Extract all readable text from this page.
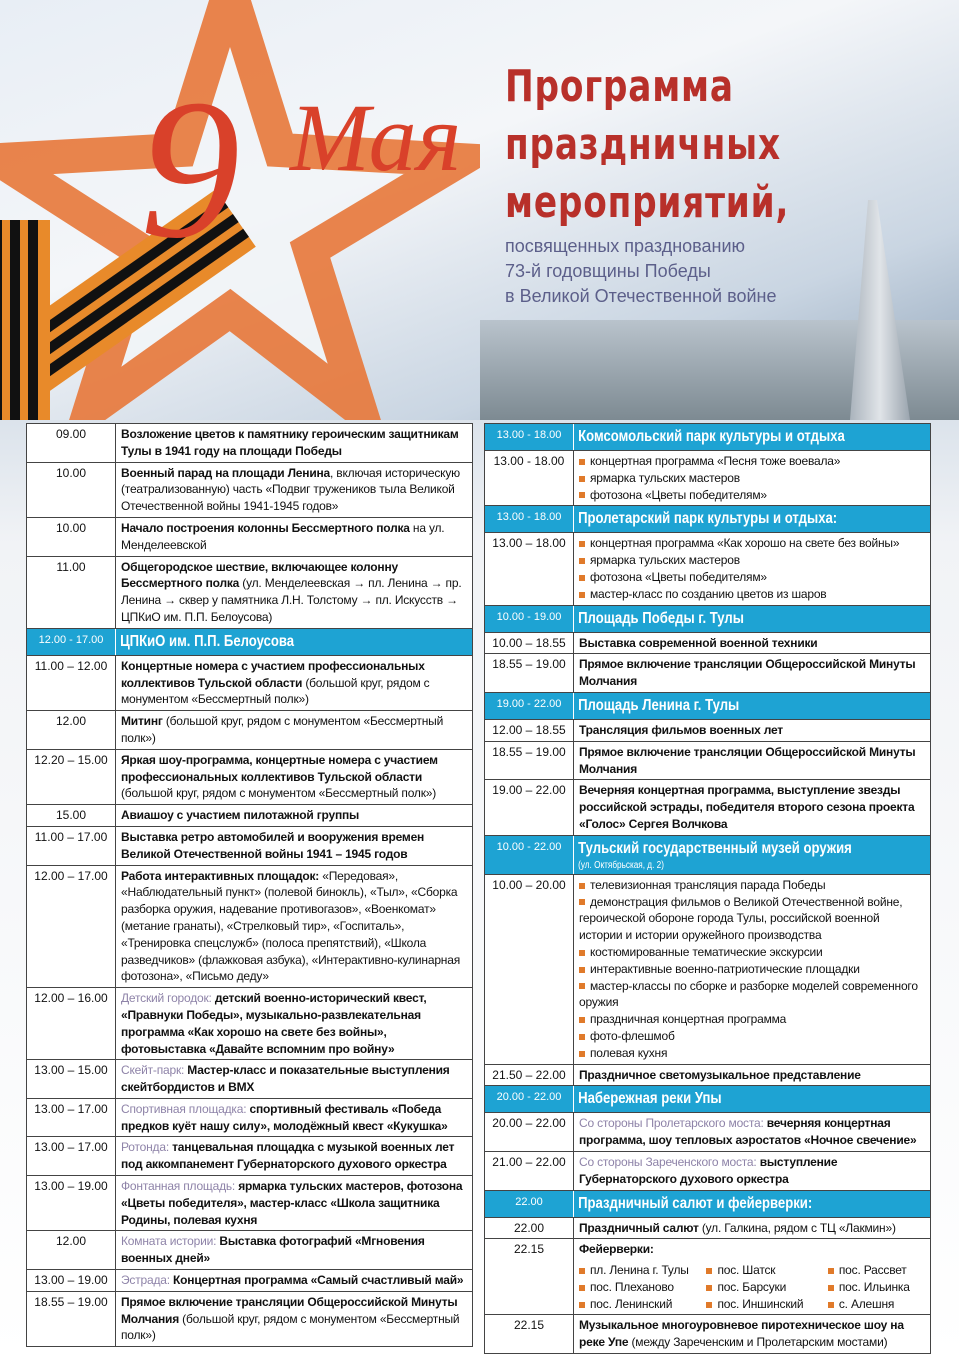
9 Мая Программа
праздничных
мероприятий,
посвященных празднованию
73-й годовщины Победы
в Великой Отечественной войне
09.00	Возложение цветов к памятнику героическим защитникам Тулы в 1941 году на площади Победы
10.00	Военный парад на площади Ленина, включая историческую (театрализованную) часть «Подвиг тружеников тыла Великой Отечественной войны 1941-1945 годов»
10.00	Начало построения колонны Бессмертного полка на ул. Менделеевской
11.00	Общегородское шествие, включающее колонну Бессмертного полка (ул. Менделеевская → пл. Ленина → пр. Ленина → сквер у памятника Л.Н. Толстому → пл. Искусств → ЦПКиО им. П.П. Белоусова)
12.00 - 17.00	ЦПКиО им. П.П. Белоусова
11.00 – 12.00	Концертные номера с участием профессиональных коллективов Тульской области (большой круг, рядом с монументом «Бессмертный полк»)
12.00	Митинг (большой круг, рядом с монументом «Бессмертный полк»)
12.20 – 15.00	Яркая шоу-программа, концертные номера с участием профессиональных коллективов Тульской области (большой круг, рядом с монументом «Бессмертный полк»)
15.00	Авиашоу с участием пилотажной группы
11.00 – 17.00	Выставка ретро автомобилей и вооружения времен Великой Отечественной войны 1941 – 1945 годов
12.00 – 17.00	Работа интерактивных площадок: «Передовая», «Наблюдательный пункт» (полевой бинокль), «Тыл», «Сборка разборка оружия, надевание противогазов», «Военкомат» (метание гранаты), «Стрелковый тир», «Госпиталь», «Тренировка спецслужб» (полоса препятствий), «Школа разведчиков» (флажковая азбука), «Интерактивно-кулинарная фотозона», «Письмо деду»
12.00 – 16.00	Детский городок: детский военно-исторический квест, «Правнуки Победы», музыкально-развлекательная программа «Как хорошо на свете без войны», фотовыставка «Давайте вспомним про войну»
13.00 – 15.00	Скейт-парк: Мастер-класс и показательные выступления скейтбордистов и BMX
13.00 – 17.00	Спортивная площадка: спортивный фестиваль «Победа предков куёт нашу силу», молодёжный квест «Кукушка»
13.00 – 17.00	Ротонда: танцевальная площадка с музыкой военных лет под аккомпанемент Губернаторского духового оркестра
13.00 – 19.00	Фонтанная площадь: ярмарка тульских мастеров, фотозона «Цветы победителя», мастер-класс «Школа защитника Родины, полевая кухня
12.00	Комната истории: Выставка фотографий «Мгновения военных дней»
13.00 – 19.00	Эстрада: Концертная программа «Самый счастливый май»
18.55 – 19.00	Прямое включение трансляции Общероссийской Минуты Молчания (большой круг, рядом с монументом «Бессмертный полк»)
13.00 - 18.00	Комсомольский парк культуры и отдыха
13.00 - 18.00	концертная программа «Песня тоже воевала»
ярмарка тульских мастеров
фотозона «Цветы победителям»
13.00 - 18.00	Пролетарский парк культуры и отдыха:
13.00 – 18.00	концертная программа «Как хорошо на свете без войны»
ярмарка тульских мастеров
фотозона «Цветы победителям»
мастер-класс по созданию цветов из шаров
10.00 - 19.00	Площадь Победы г. Тулы
10.00 – 18.55	Выставка современной военной техники
18.55 – 19.00	Прямое включение трансляции Общероссийской Минуты Молчания
19.00 - 22.00	Площадь Ленина г. Тулы
12.00 – 18.55	Трансляция фильмов военных лет
18.55 – 19.00	Прямое включение трансляции Общероссийской Минуты Молчания
19.00 – 22.00	Вечерняя концертная программа, выступление звезды российской эстрады, победителя второго сезона проекта «Голос» Сергея Волчкова
10.00 - 22.00	Тульский государственный музей оружия
(ул. Октябрьская, д. 2)
10.00 – 20.00	телевизионная трансляция парада Победы
демонстрация фильмов о Великой Отечественной войне, героической обороне города Тулы, российской военной истории и истории оружейного производства
костюмированные тематические экскурсии
интерактивные военно-патриотические площадки
мастер-классы по сборке и разборке моделей современного оружия
праздничная концертная программа
фото-флешмоб
полевая кухня
21.50 – 22.00	Праздничное светомузыкальное представление
20.00 - 22.00	Набережная реки Упы
20.00 – 22.00	Со стороны Пролетарского моста: вечерняя концертная программа, шоу тепловых аэростатов «Ночное свечение»
21.00 – 22.00	Со стороны Зареченского моста: выступление Губернаторского духового оркестра
22.00	Праздничный салют и фейерверки:
22.00	Праздничный салют (ул. Галкина, рядом с ТЦ «Лакмин»)
22.15	Фейерверки:
пл. Ленина г. Тулы	пос. Шатск	пос. Рассвет
пос. Плеханово	пос. Барсуки	пос. Ильинка
пос. Ленинский	пос. Иншинский	с. Алешня
22.15	Музыкальное многоуровневое пиротехническое шоу на реке Упе (между Зареченским и Пролетарским мостами)
